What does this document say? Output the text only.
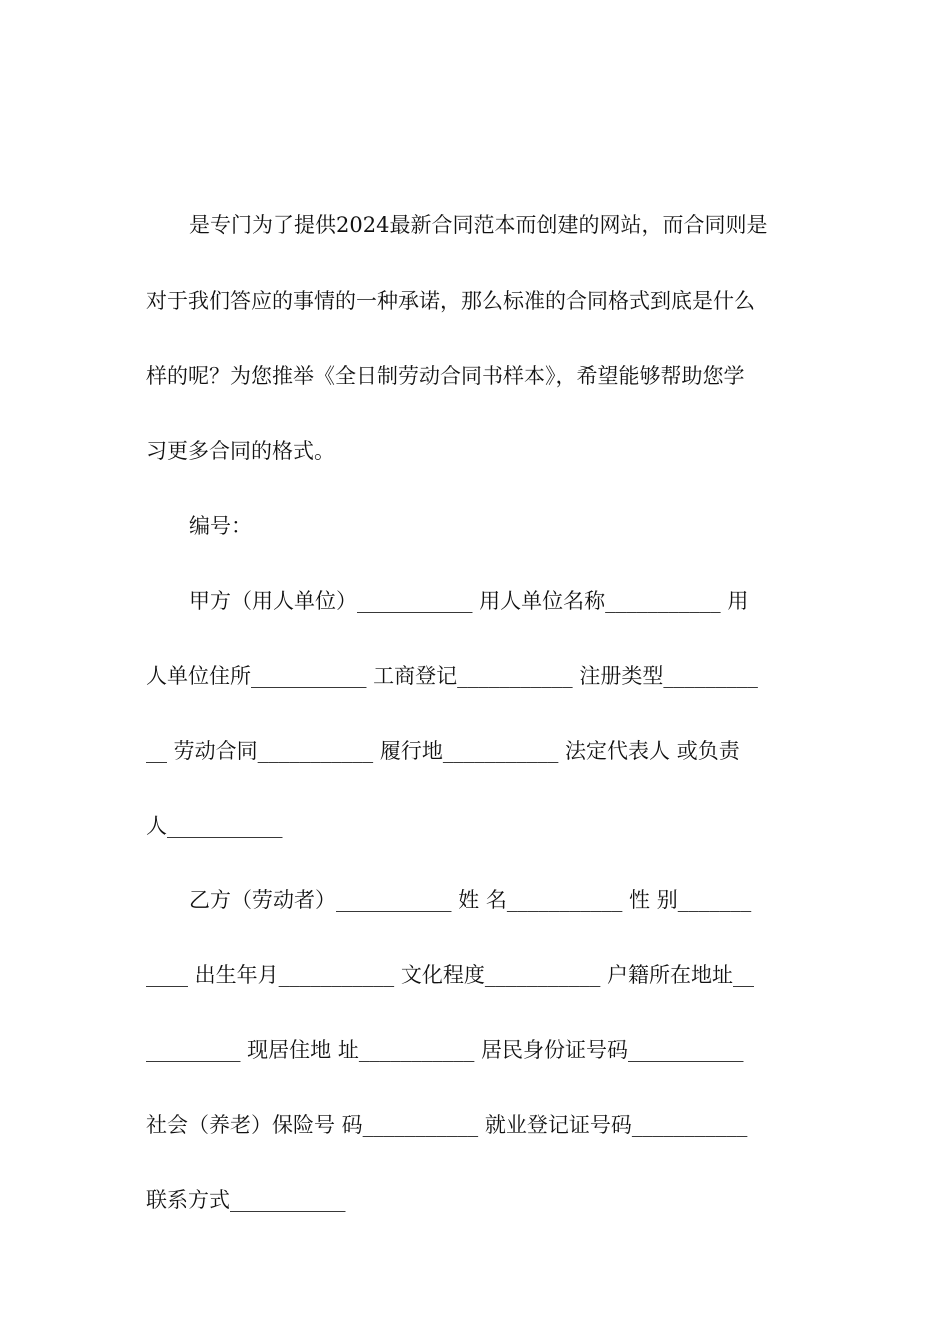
是专门为了提供2024最新合同范本而创建的网站，而合同则是
对于我们答应的事情的一种承诺，那么标准的合同格式到底是什么
样的呢？为您推举《全日制劳动合同书样本》，希望能够帮助您学
习更多合同的格式。
编号：
甲方（用人单位）___________ 用人单位名称___________ 用
人单位住所___________ 工商登记___________ 注册类型_________
__ 劳动合同___________ 履行地___________ 法定代表人 或负责
人___________
乙方（劳动者）___________ 姓 名___________ 性 别_______
____ 出生年月___________ 文化程度___________ 户籍所在地址__
_________ 现居住地 址___________ 居民身份证号码___________
社会（养老）保险号 码___________ 就业登记证号码___________
联系方式___________
